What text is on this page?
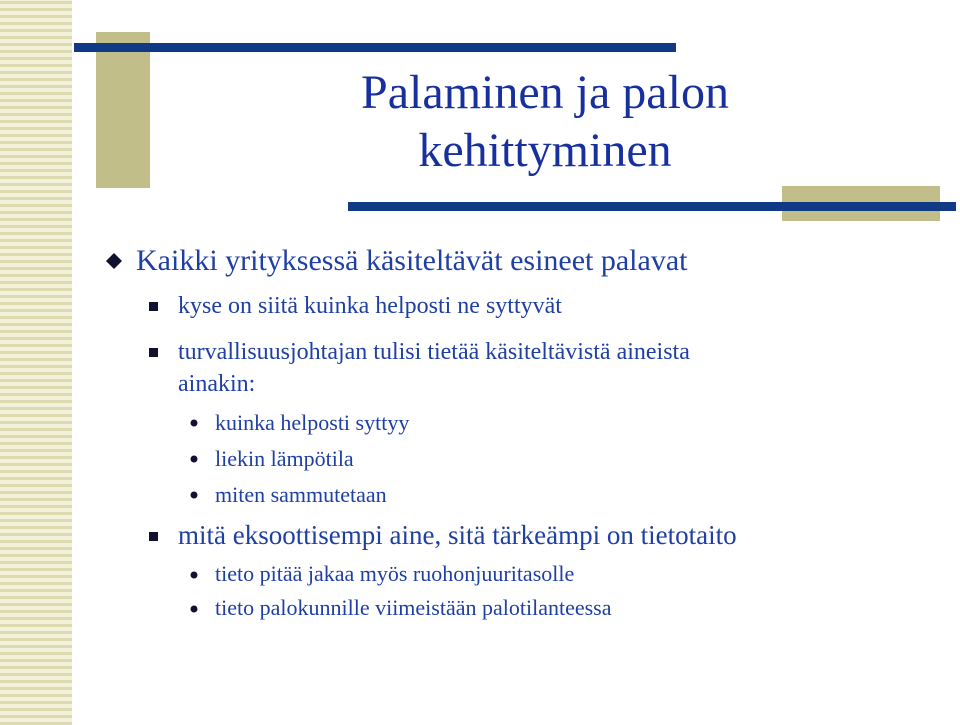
Palaminen ja palon
kehittyminen
Kaikki yrityksessä käsiteltävät esineet palavat
kyse on siitä kuinka helposti ne syttyvät
turvallisuusjohtajan tulisi tietää käsiteltävistä aineista
ainakin:
kuinka helposti syttyy
liekin lämpötila
miten sammutetaan
mitä eksoottisempi aine, sitä tärkeämpi on tietotaito
tieto pitää jakaa myös ruohonjuuritasolle
tieto palokunnille viimeistään palotilanteessa
